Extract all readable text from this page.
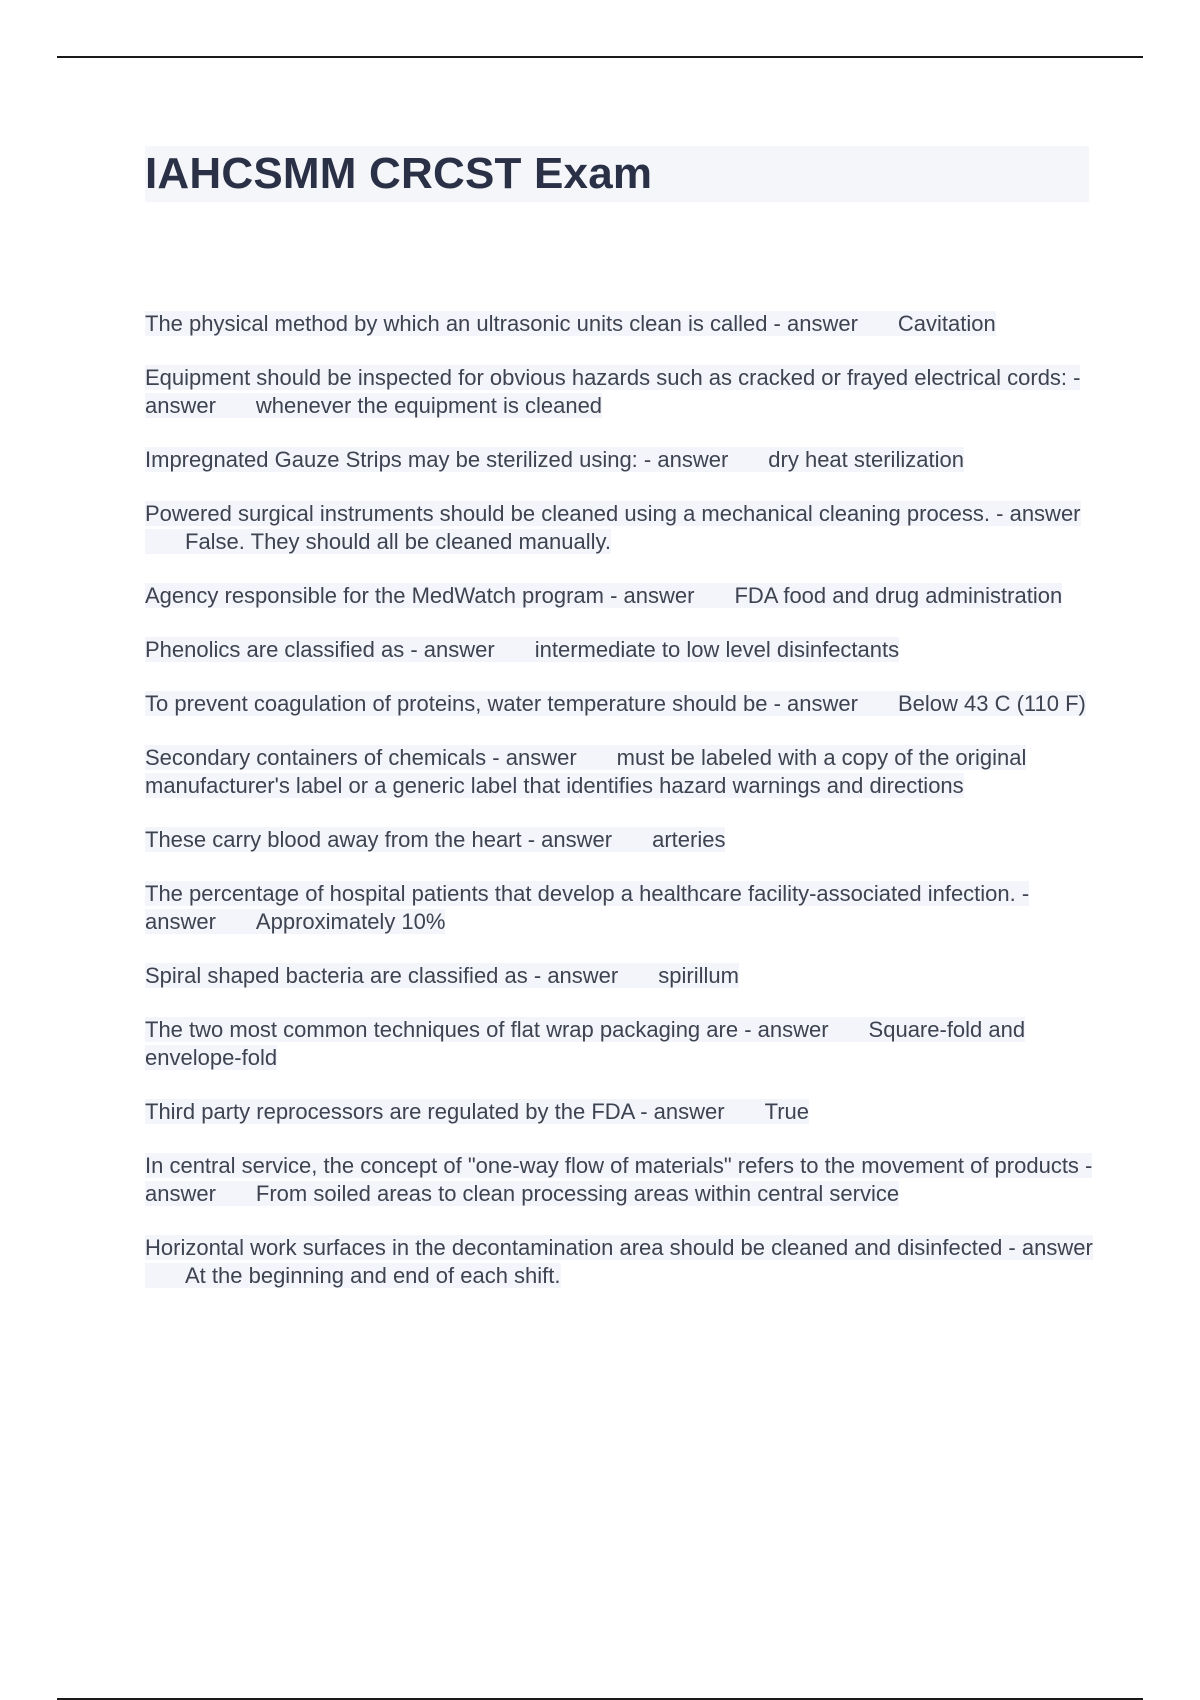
IAHCSMM CRCST Exam
The physical method by which an ultrasonic units clean is called - answer Cavitation
Equipment should be inspected for obvious hazards such as cracked or frayed electrical cords: - answer whenever the equipment is cleaned
Impregnated Gauze Strips may be sterilized using: - answer dry heat sterilization
Powered surgical instruments should be cleaned using a mechanical cleaning process. - answerFalse. They should all be cleaned manually.
Agency responsible for the MedWatch program - answer FDA food and drug administration
Phenolics are classified as - answer intermediate to low level disinfectants
To prevent coagulation of proteins, water temperature should be - answer Below 43 C (110 F)
Secondary containers of chemicals - answer must be labeled with a copy of the original manufacturer's label or a generic label that identifies hazard warnings and directions
These carry blood away from the heart - answer arteries
The percentage of hospital patients that develop a healthcare facility-associated infection. - answer Approximately 10%
Spiral shaped bacteria are classified as - answer spirillum
The two most common techniques of flat wrap packaging are - answer Square-fold and envelope-fold
Third party reprocessors are regulated by the FDA - answer True
In central service, the concept of "one-way flow of materials" refers to the movement of products - answer From soiled areas to clean processing areas within central service
Horizontal work surfaces in the decontamination area should be cleaned and disinfected - answerAt the beginning and end of each shift.
